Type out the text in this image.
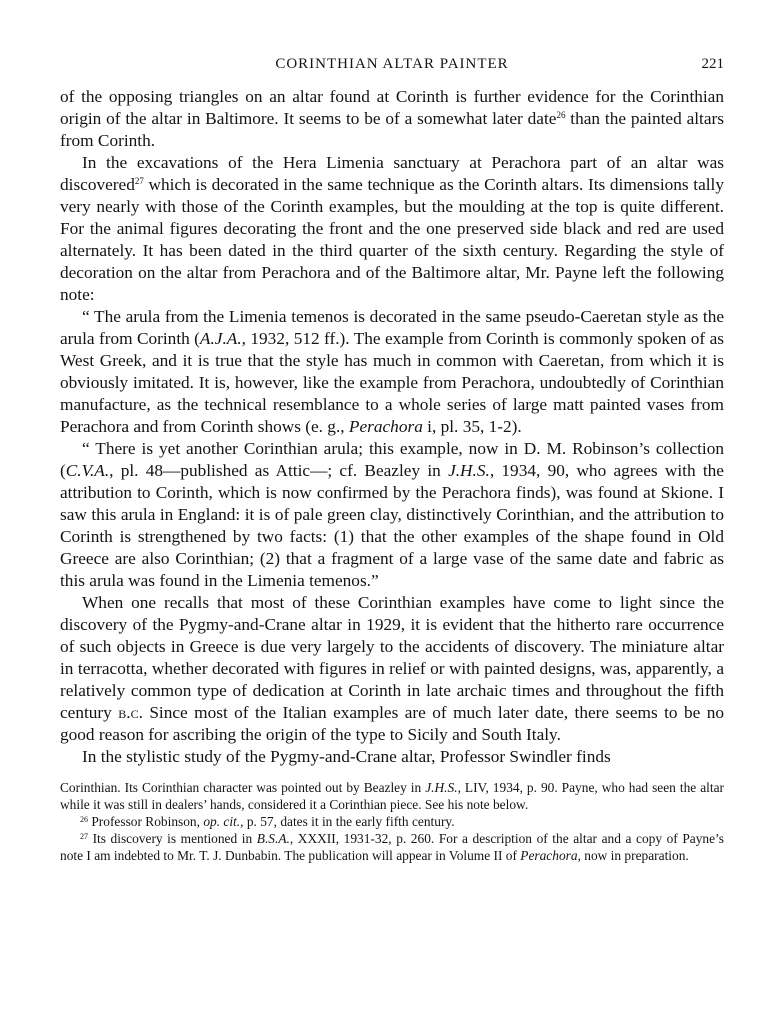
CORINTHIAN ALTAR PAINTER	221

of the opposing triangles on an altar found at Corinth is further evidence for the Corinthian origin of the altar in Baltimore. It seems to be of a somewhat later date$^{26}$ than the painted altars from Corinth.

In the excavations of the Hera Limenia sanctuary at Perachora part of an altar was discovered$^{27}$ which is decorated in the same technique as the Corinth altars. Its dimensions tally very nearly with those of the Corinth examples, but the moulding at the top is quite different. For the animal figures decorating the front and the one preserved side black and red are used alternately. It has been dated in the third quarter of the sixth century. Regarding the style of decoration on the altar from Perachora and of the Baltimore altar, Mr. Payne left the following note:

“ The arula from the Limenia temenos is decorated in the same pseudo-Caeretan style as the arula from Corinth (A.J.A., 1932, 512 ff.). The example from Corinth is commonly spoken of as West Greek, and it is true that the style has much in common with Caeretan, from which it is obviously imitated. It is, however, like the example from Perachora, undoubtedly of Corinthian manufacture, as the technical resemblance to a whole series of large matt painted vases from Perachora and from Corinth shows (e. g., Perachora i, pl. 35, 1-2).

“ There is yet another Corinthian arula; this example, now in D. M. Robinson’s collection (C.V.A., pl. 48—published as Attic—; cf. Beazley in J.H.S., 1934, 90, who agrees with the attribution to Corinth, which is now confirmed by the Perachora finds), was found at Skione. I saw this arula in England: it is of pale green clay, distinctively Corinthian, and the attribution to Corinth is strengthened by two facts: (1) that the other examples of the shape found in Old Greece are also Corinthian; (2) that a fragment of a large vase of the same date and fabric as this arula was found in the Limenia temenos.”

When one recalls that most of these Corinthian examples have come to light since the discovery of the Pygmy-and-Crane altar in 1929, it is evident that the hitherto rare occurrence of such objects in Greece is due very largely to the accidents of discovery. The miniature altar in terracotta, whether decorated with figures in relief or with painted designs, was, apparently, a relatively common type of dedication at Corinth in late archaic times and throughout the fifth century b.c. Since most of the Italian examples are of much later date, there seems to be no good reason for ascribing the origin of the type to Sicily and South Italy.

In the stylistic study of the Pygmy-and-Crane altar, Professor Swindler finds

Corinthian. Its Corinthian character was pointed out by Beazley in J.H.S., LIV, 1934, p. 90. Payne, who had seen the altar while it was still in dealers’ hands, considered it a Corinthian piece. See his note below.

$^{26}$ Professor Robinson, op. cit., p. 57, dates it in the early fifth century.

$^{27}$ Its discovery is mentioned in B.S.A., XXXII, 1931-32, p. 260. For a description of the altar and a copy of Payne’s note I am indebted to Mr. T. J. Dunbabin. The publication will appear in Volume II of Perachora, now in preparation.
